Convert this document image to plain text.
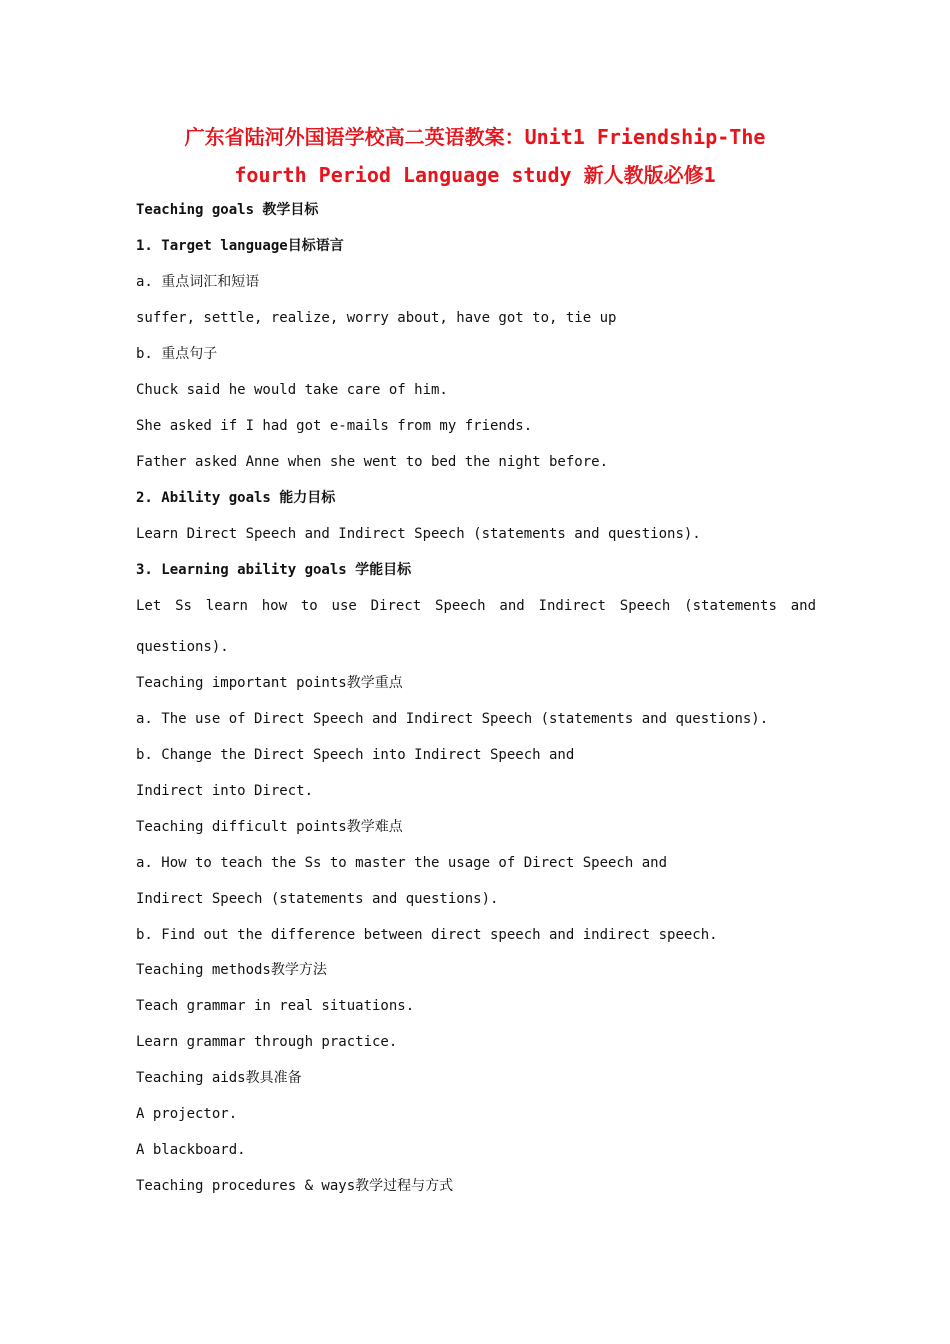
广东省陆河外国语学校高二英语教案：Unit1 Friendship-The
fourth Period Language study 新人教版必修1
Teaching goals 教学目标
1. Target language目标语言
a. 重点词汇和短语
suffer, settle, realize, worry about, have got to, tie up
b. 重点句子
Chuck said he would take care of him.
She asked if I had got e-mails from my friends.
Father asked Anne when she went to bed the night before.
2. Ability goals 能力目标
Learn Direct Speech and Indirect Speech (statements and questions).
3. Learning ability goals 学能目标
Let Ss learn how to use Direct Speech and Indirect Speech (statements and
questions).
Teaching important points教学重点
a. The use of Direct Speech and Indirect Speech (statements and questions).
b. Change the Direct Speech into Indirect Speech and
Indirect into Direct.
Teaching difficult points教学难点
a. How to teach the Ss to master the usage of Direct Speech and
Indirect Speech (statements and questions).
b. Find out the difference between direct speech and indirect speech.
Teaching methods教学方法
Teach grammar in real situations.
Learn grammar through practice.
Teaching aids教具准备
A projector.
A blackboard.
Teaching procedures & ways教学过程与方式
